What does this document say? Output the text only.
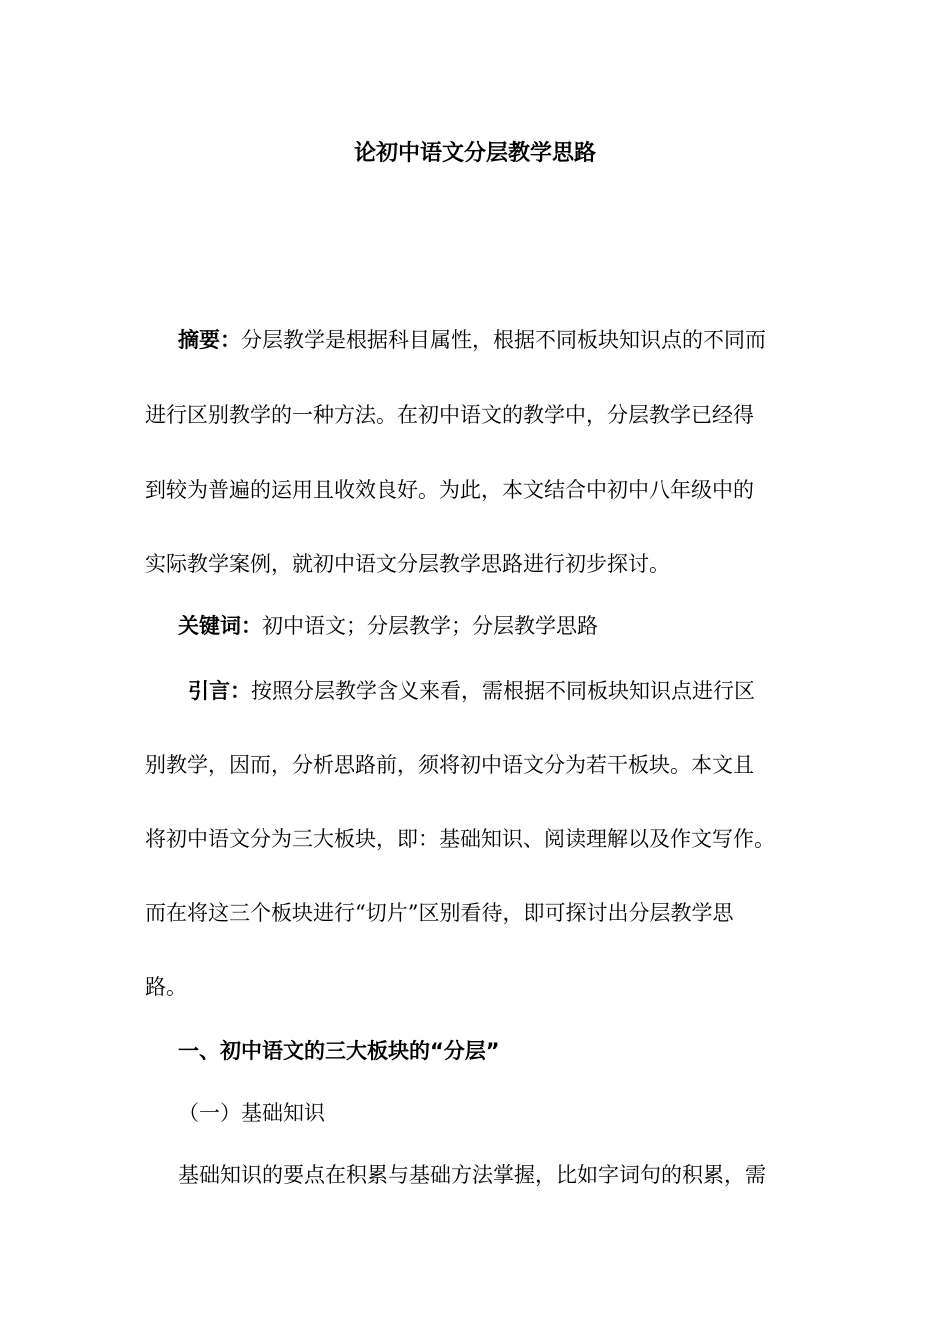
论初中语文分层教学思路
摘要：分层教学是根据科目属性，根据不同板块知识点的不同而
进行区别教学的一种方法。在初中语文的教学中，分层教学已经得
到较为普遍的运用且收效良好。为此，本文结合中初中八年级中的
实际教学案例，就初中语文分层教学思路进行初步探讨。
关键词：初中语文；分层教学；分层教学思路
引言：按照分层教学含义来看，需根据不同板块知识点进行区
别教学，因而，分析思路前，须将初中语文分为若干板块。本文且
将初中语文分为三大板块，即：基础知识、阅读理解以及作文写作。
而在将这三个板块进行“切片”区别看待，即可探讨出分层教学思
路。
一、初中语文的三大板块的“分层”
（一）基础知识
基础知识的要点在积累与基础方法掌握，比如字词句的积累，需
